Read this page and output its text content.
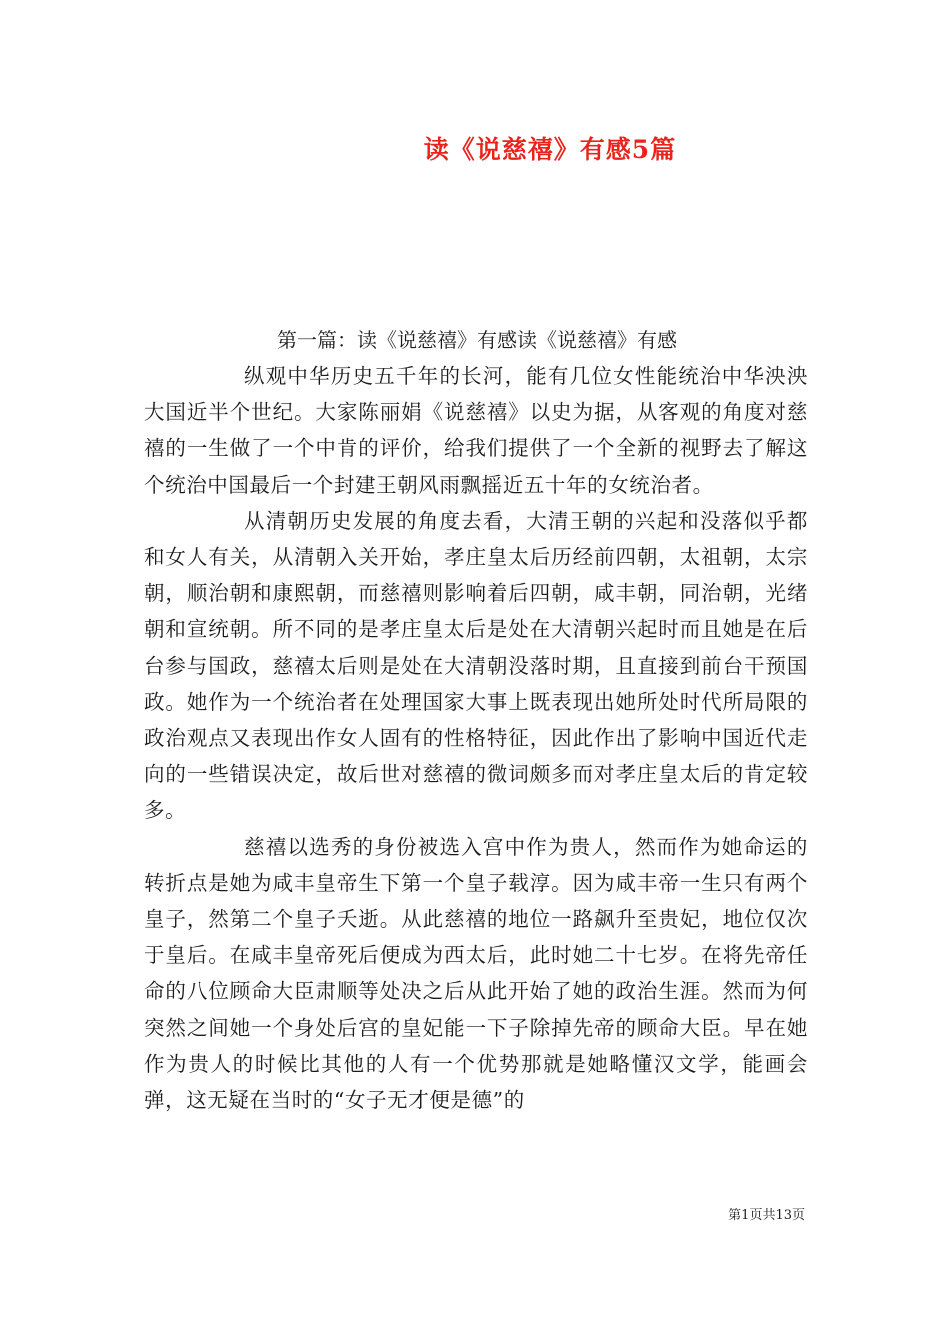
读《说慈禧》有感5篇
第一篇：读《说慈禧》有感读《说慈禧》有感

纵观中华历史五千年的长河，能有几位女性能统治中华泱泱大国近半个世纪。大家陈丽娟《说慈禧》以史为据，从客观的角度对慈禧的一生做了一个中肯的评价，给我们提供了一个全新的视野去了解这个统治中国最后一个封建王朝风雨飘摇近五十年的女统治者。

从清朝历史发展的角度去看，大清王朝的兴起和没落似乎都和女人有关，从清朝入关开始，孝庄皇太后历经前四朝，太祖朝，太宗朝，顺治朝和康熙朝，而慈禧则影响着后四朝，咸丰朝，同治朝，光绪朝和宣统朝。所不同的是孝庄皇太后是处在大清朝兴起时而且她是在后台参与国政，慈禧太后则是处在大清朝没落时期，且直接到前台干预国政。她作为一个统治者在处理国家大事上既表现出她所处时代所局限的政治观点又表现出作女人固有的性格特征，因此作出了影响中国近代走向的一些错误决定，故后世对慈禧的微词颇多而对孝庄皇太后的肯定较多。

慈禧以选秀的身份被选入宫中作为贵人，然而作为她命运的转折点是她为咸丰皇帝生下第一个皇子载淳。因为咸丰帝一生只有两个皇子，然第二个皇子夭逝。从此慈禧的地位一路飙升至贵妃，地位仅次于皇后。在咸丰皇帝死后便成为西太后，此时她二十七岁。在将先帝任命的八位顾命大臣肃顺等处决之后从此开始了她的政治生涯。然而为何突然之间她一个身处后宫的皇妃能一下子除掉先帝的顾命大臣。早在她作为贵人的时候比其他的人有一个优势那就是她略懂汉文学，能画会弹，这无疑在当时的“女子无才便是德”的

第1页共13页
